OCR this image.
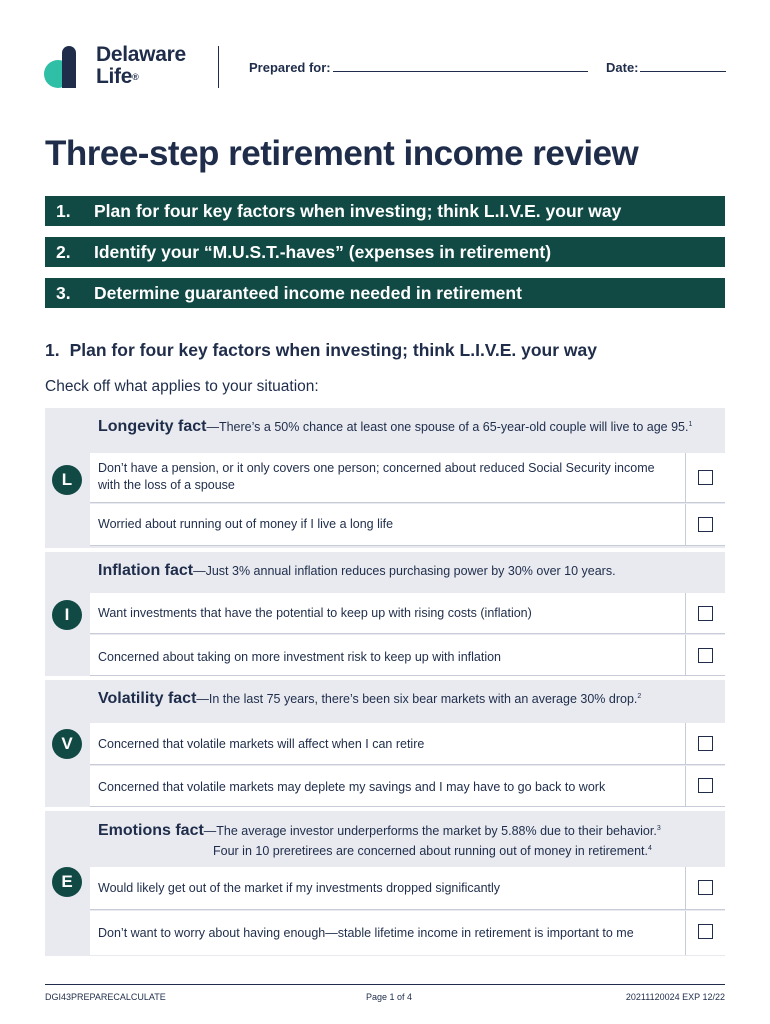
Delaware
Life®
Prepared for:	Date:
Three-step retirement income review
1. Plan for four key factors when investing; think L.I.V.E. your way
2. Identify your “M.U.S.T.-haves” (expenses in retirement)
3. Determine guaranteed income needed in retirement
1. Plan for four key factors when investing; think L.I.V.E. your way
Check off what applies to your situation:
L
Longevity fact—There’s a 50% chance at least one spouse of a 65-year-old couple will live to age 95.$^1$
Don’t have a pension, or it only covers one person; concerned about reduced Social Security income with the loss of a spouse
Worried about running out of money if I live a long life
I
Inflation fact—Just 3% annual inflation reduces purchasing power by 30% over 10 years.
Want investments that have the potential to keep up with rising costs (inflation)
Concerned about taking on more investment risk to keep up with inflation
V
Volatility fact—In the last 75 years, there’s been six bear markets with an average 30% drop.$^2$
Concerned that volatile markets will affect when I can retire
Concerned that volatile markets may deplete my savings and I may have to go back to work
E
Emotions fact—The average investor underperforms the market by 5.88% due to their behavior.$^3$
Four in 10 preretirees are concerned about running out of money in retirement.$^4$
Would likely get out of the market if my investments dropped significantly
Don’t want to worry about having enough—stable lifetime income in retirement is important to me
DGI43PREPARECALCULATE	Page 1 of 4	20211120024 EXP 12/22
